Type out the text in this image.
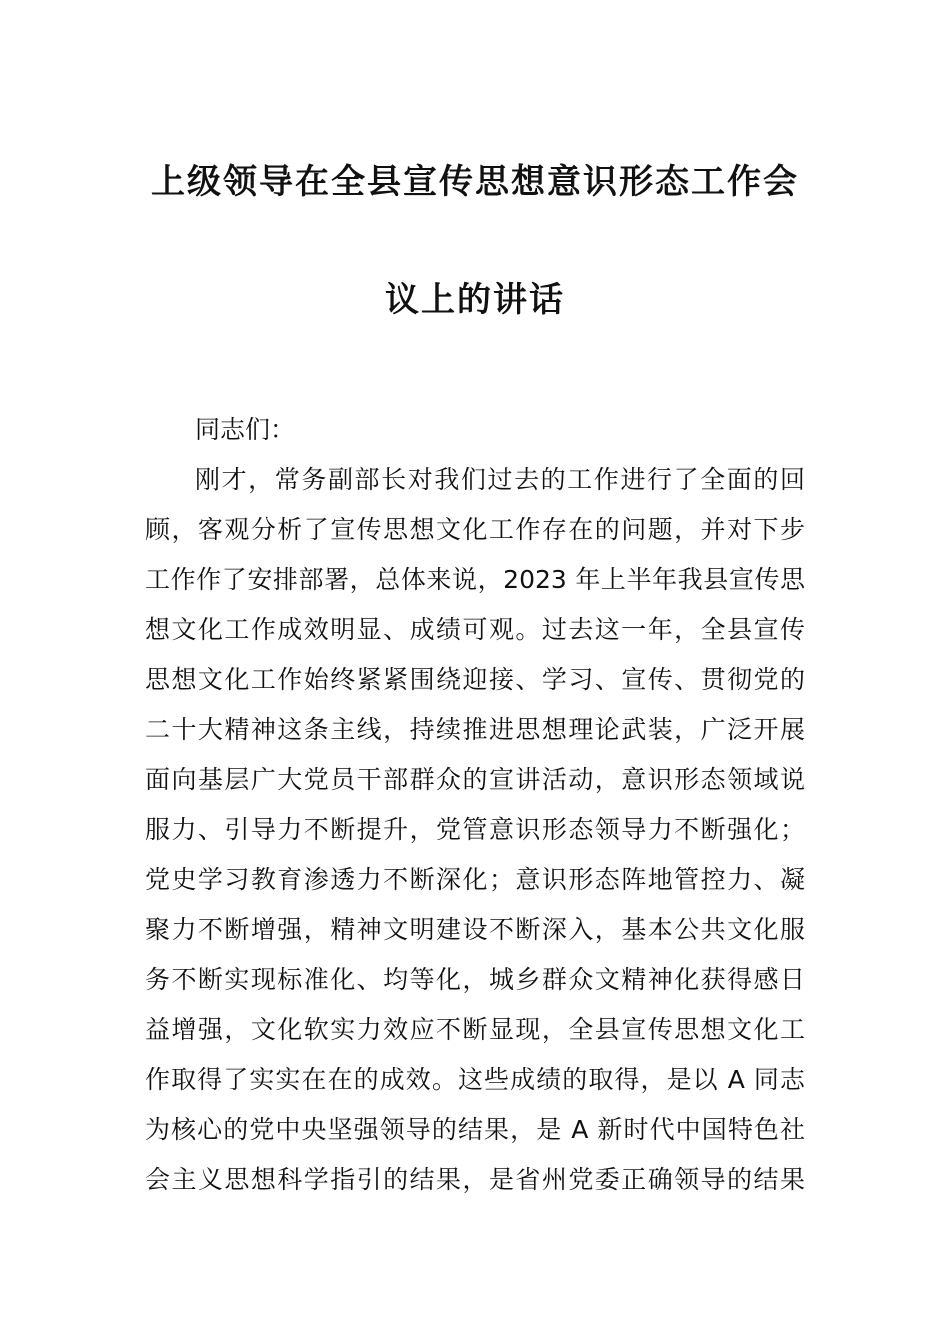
上级领导在全县宣传思想意识形态工作会
议上的讲话
同志们：
刚才，常务副部长对我们过去的工作进行了全面的回
顾，客观分析了宣传思想文化工作存在的问题，并对下步
工作作了安排部署，总体来说，2023 年上半年我县宣传思
想文化工作成效明显、成绩可观。过去这一年，全县宣传
思想文化工作始终紧紧围绕迎接、学习、宣传、贯彻党的
二十大精神这条主线，持续推进思想理论武装，广泛开展
面向基层广大党员干部群众的宣讲活动，意识形态领域说
服力、引导力不断提升，党管意识形态领导力不断强化；
党史学习教育渗透力不断深化；意识形态阵地管控力、凝
聚力不断增强，精神文明建设不断深入，基本公共文化服
务不断实现标准化、均等化，城乡群众文精神化获得感日
益增强，文化软实力效应不断显现，全县宣传思想文化工
作取得了实实在在的成效。这些成绩的取得，是以 A 同志
为核心的党中央坚强领导的结果，是 A 新时代中国特色社
会主义思想科学指引的结果，是省州党委正确领导的结果
